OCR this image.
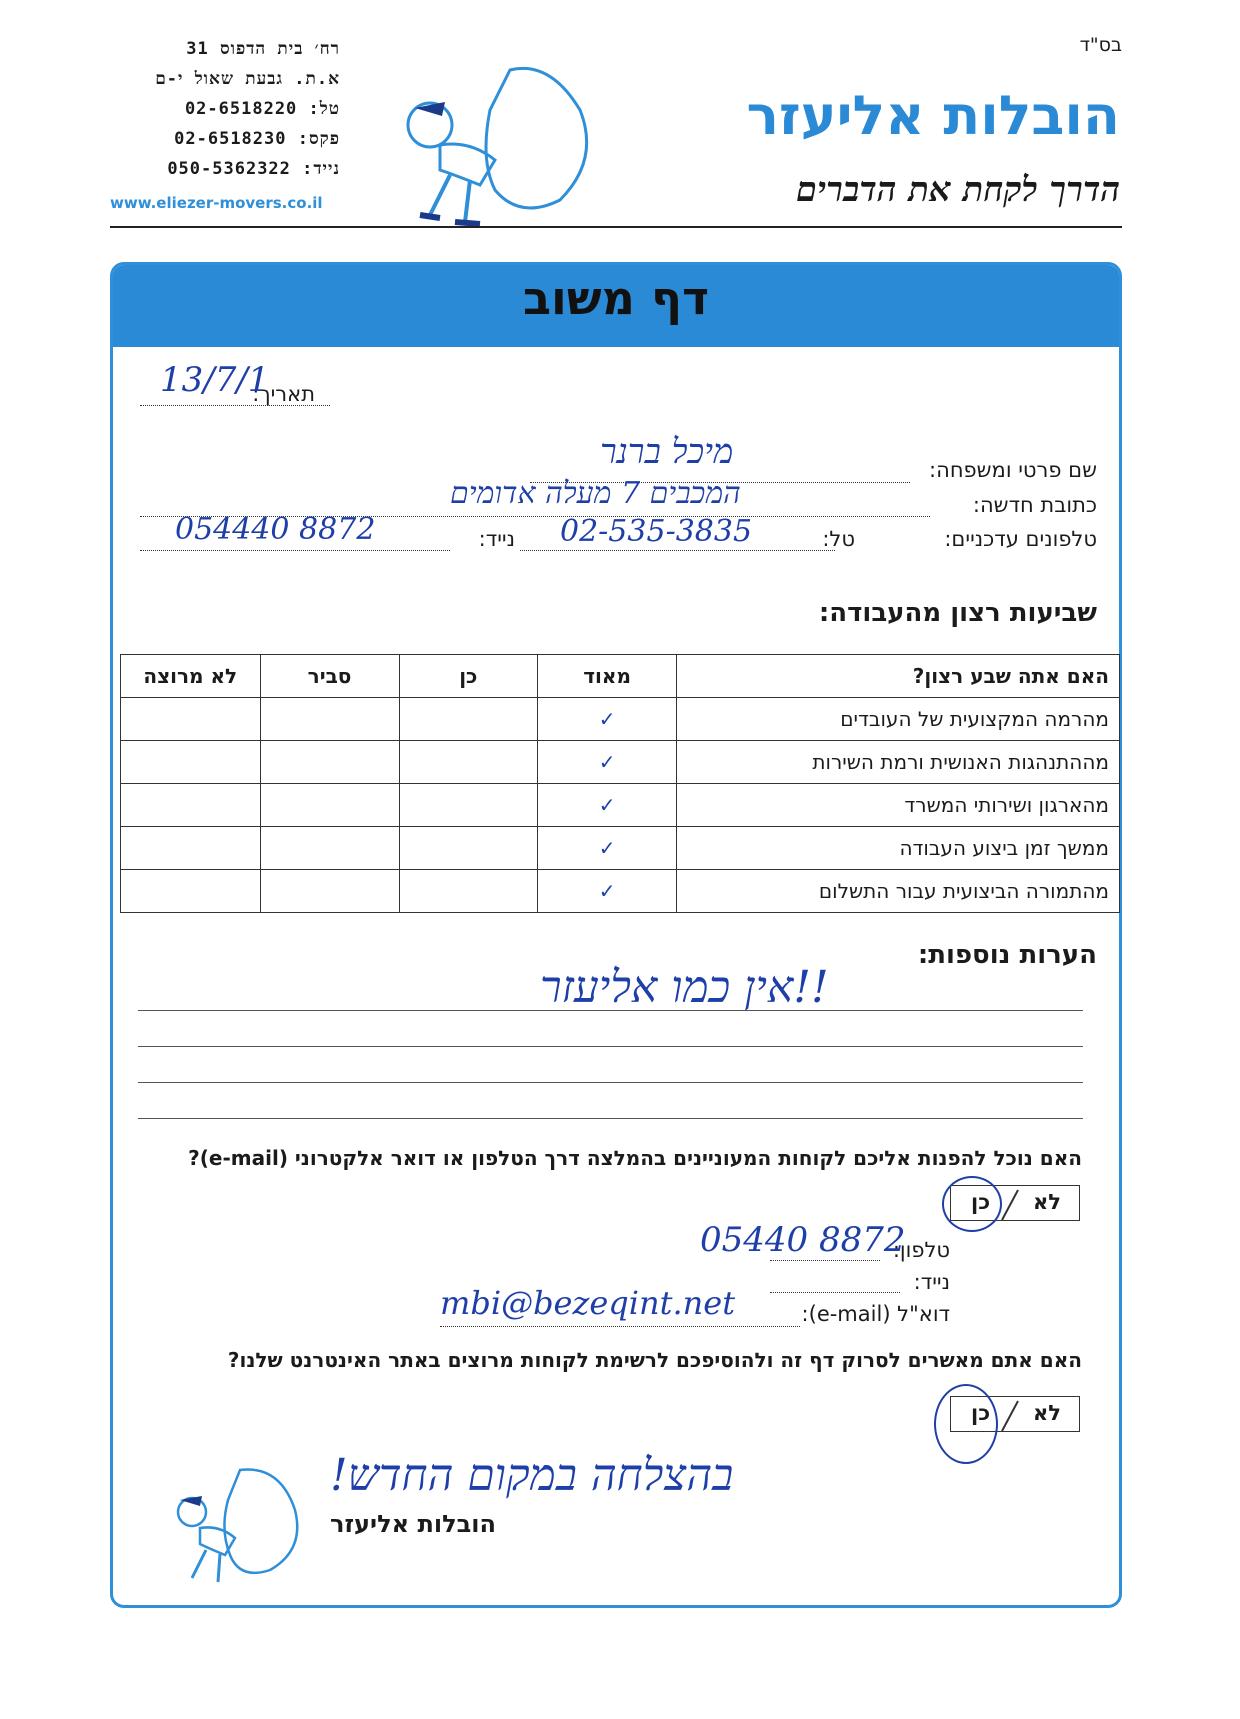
רח׳ בית הדפוס 31
א.ת. גבעת שאול י-ם
טל: 02-6518220
פקס: 02-6518230
נייד: 050-5362322
www.eliezer-movers.co.il
בס"ד
הובלות אליעזר
הדרך לקחת את הדברים
דף משוב
תאריך:
13/7/1
שם פרטי ומשפחה:
מיכל ברנר
כתובת חדשה:
המכבים 7 מעלה אדומים
טלפונים עדכניים:
טל:
02-535-3835
נייד:
054440 8872
שביעות רצון מהעבודה:
לא מרוצה	סביר	כן	מאוד	האם אתה שבע רצון?
			✓	מהרמה המקצועית של העובדים
			✓	מההתנהגות האנושית ורמת השירות
			✓	מהארגון ושירותי המשרד
			✓	ממשך זמן ביצוע העבודה
			✓	מהתמורה הביצועית עבור התשלום
הערות נוספות:
אין כמו אליעזר!!
האם נוכל להפנות אליכם לקוחות המעוניינים בהמלצה דרך הטלפון או דואר אלקטרוני (e-mail)?
לא
כן
טלפון:
05440 8872
נייד:
דוא"ל (e-mail):
mbi@bezeqint.net
האם אתם מאשרים לסרוק דף זה ולהוסיפכם לרשימת לקוחות מרוצים באתר האינטרנט שלנו?
לא
כן
בהצלחה במקום החדש!
הובלות אליעזר
